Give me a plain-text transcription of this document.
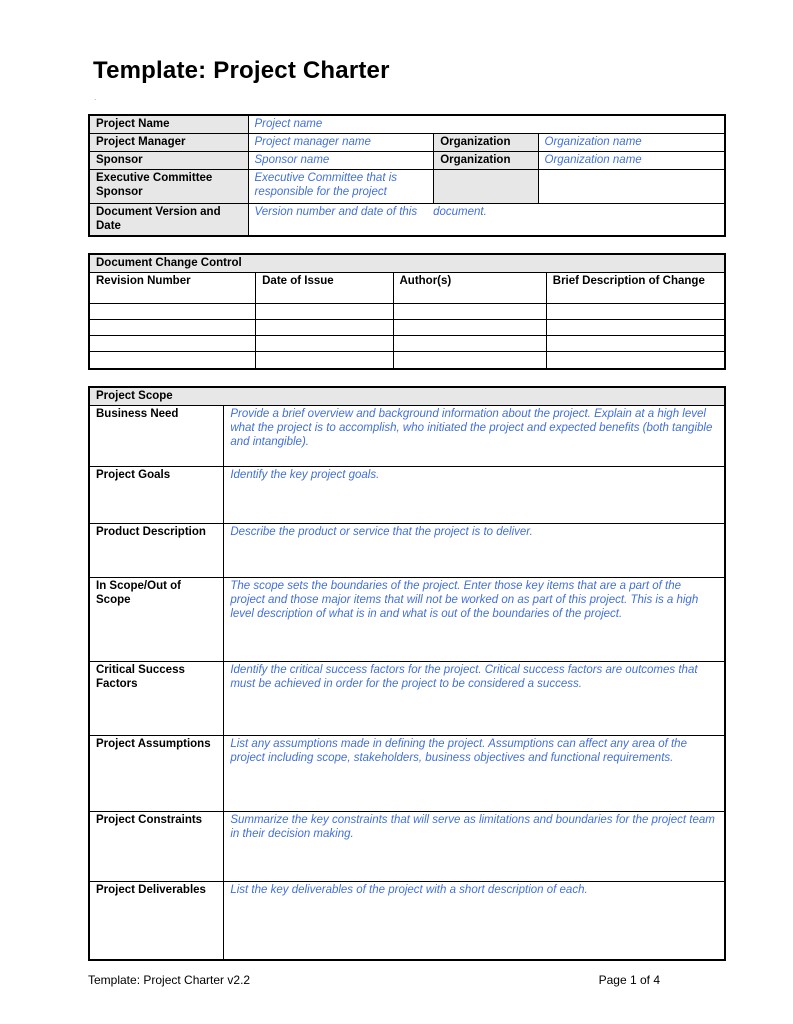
Template: Project Charter
.
Project Name	Project name		
Project Manager	Project manager name	Organization	Organization name
Sponsor	Sponsor name	Organization	Organization name
Executive Committee Sponsor	Executive Committee that is responsible for the project		
Document Version and Date	Version number and date of this     document.		
Document Change Control			
Revision Number	Date of Issue	Author(s)	Brief Description of Change

Project Scope	
Business Need	Provide a brief overview and background information about the project. Explain at a high level what the project is to accomplish, who initiated the project and expected benefits (both tangible and intangible).
Project Goals	Identify the key project goals.
Product Description	Describe the product or service that the project is to deliver.
In Scope/Out of Scope	The scope sets the boundaries of the project. Enter those key items that are a part of the project and those major items that will not be worked on as part of this project. This is a high level description of what is in and what is out of the boundaries of the project.
Critical Success Factors	Identify the critical success factors for the project. Critical success factors are outcomes that must be achieved in order for the project to be considered a success.
Project Assumptions	List any assumptions made in defining the project. Assumptions can affect any area of the project including scope, stakeholders, business objectives and functional requirements.
Project Constraints	Summarize the key constraints that will serve as limitations and boundaries for the project team in their decision making.
Project Deliverables	List the key deliverables of the project with a short description of each.
Template: Project Charter v2.2	Page 1 of 4
